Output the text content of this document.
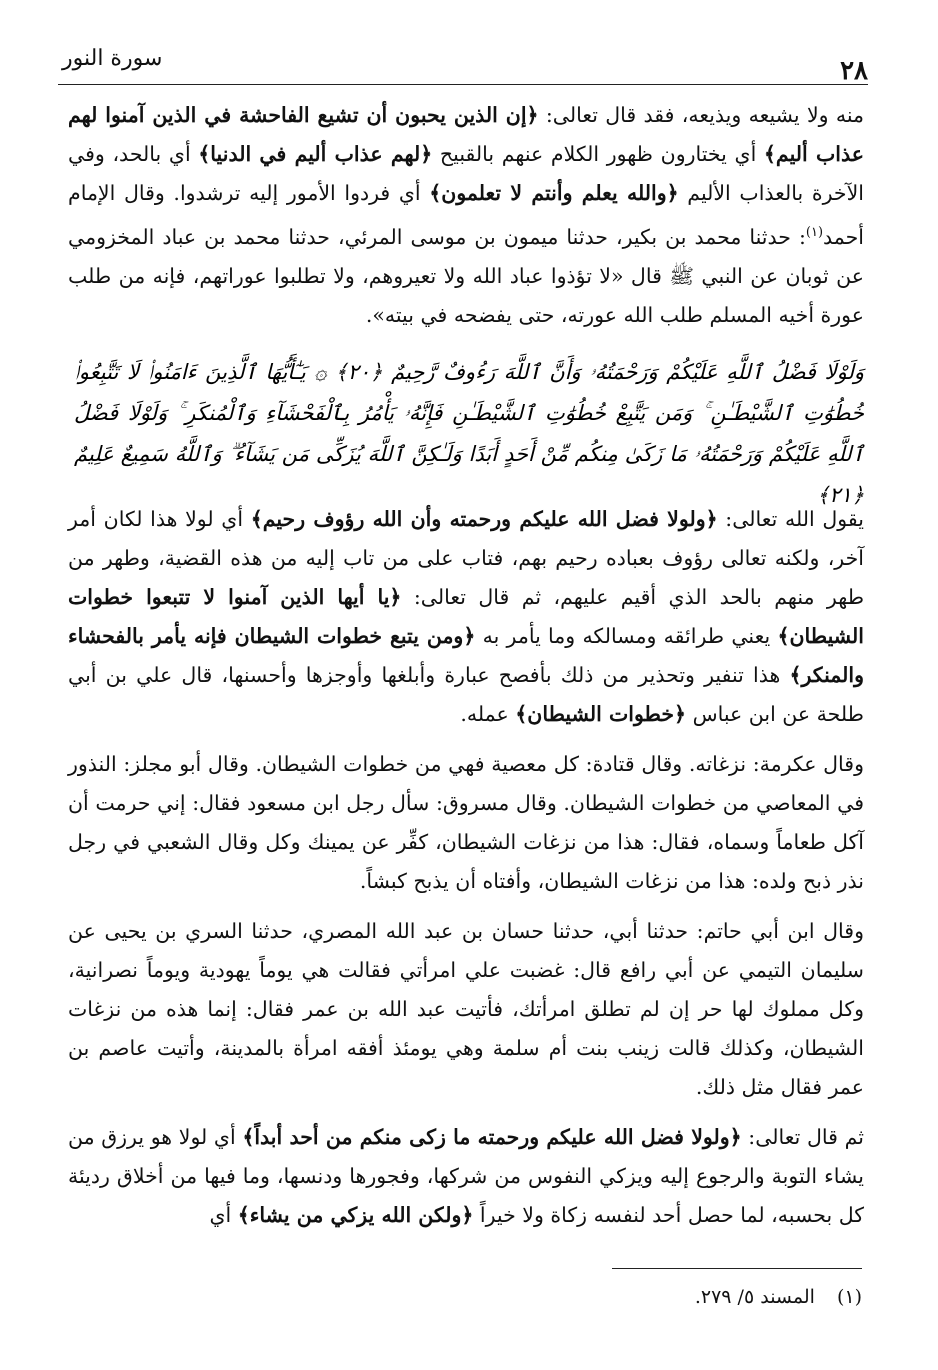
سورة النور	٢٨

منه ولا يشيعه ويذيعه، فقد قال تعالى: ﴿إن الذين يحبون أن تشيع الفاحشة في الذين آمنوا لهم عذاب أليم﴾ أي يختارون ظهور الكلام عنهم بالقبيح ﴿لهم عذاب أليم في الدنيا﴾ أي بالحد، وفي الآخرة بالعذاب الأليم ﴿والله يعلم وأنتم لا تعلمون﴾ أي فردوا الأمور إليه ترشدوا. وقال الإمام أحمد$^{(١)}$: حدثنا محمد بن بكير، حدثنا ميمون بن موسى المرئي، حدثنا محمد بن عباد المخزومي عن ثوبان عن النبي ﷺ قال «لا تؤذوا عباد الله ولا تعيروهم، ولا تطلبوا عوراتهم، فإنه من طلب عورة أخيه المسلم طلب الله عورته، حتى يفضحه في بيته».

وَلَوْلَا فَضْلُ ٱللَّهِ عَلَيْكُمْ وَرَحْمَتُهُۥ وَأَنَّ ٱللَّهَ رَءُوفٌ رَّحِيمٌ ﴿٢٠﴾ ۞ يَـٰٓأَيُّهَا ٱلَّذِينَ ءَامَنُوا۟ لَا تَتَّبِعُوا۟ خُطُوَٰتِ ٱلشَّيْطَـٰنِ ۚ وَمَن يَتَّبِعْ خُطُوَٰتِ ٱلشَّيْطَـٰنِ فَإِنَّهُۥ يَأْمُرُ بِٱلْفَحْشَآءِ وَٱلْمُنكَرِ ۚ وَلَوْلَا فَضْلُ ٱللَّهِ عَلَيْكُمْ وَرَحْمَتُهُۥ مَا زَكَىٰ مِنكُم مِّنْ أَحَدٍ أَبَدًا وَلَـٰكِنَّ ٱللَّهَ يُزَكِّى مَن يَشَآءُ ۗ وَٱللَّهُ سَمِيعٌ عَلِيمٌ ﴿٢١﴾

يقول الله تعالى: ﴿ولولا فضل الله عليكم ورحمته وأن الله رؤوف رحيم﴾ أي لولا هذا لكان أمر آخر، ولكنه تعالى رؤوف بعباده رحيم بهم، فتاب على من تاب إليه من هذه القضية، وطهر من طهر منهم بالحد الذي أقيم عليهم، ثم قال تعالى: ﴿يا أيها الذين آمنوا لا تتبعوا خطوات الشيطان﴾ يعني طرائقه ومسالكه وما يأمر به ﴿ومن يتبع خطوات الشيطان فإنه يأمر بالفحشاء والمنكر﴾ هذا تنفير وتحذير من ذلك بأفصح عبارة وأبلغها وأوجزها وأحسنها، قال علي بن أبي طلحة عن ابن عباس ﴿خطوات الشيطان﴾ عمله.

وقال عكرمة: نزغاته. وقال قتادة: كل معصية فهي من خطوات الشيطان. وقال أبو مجلز: النذور في المعاصي من خطوات الشيطان. وقال مسروق: سأل رجل ابن مسعود فقال: إني حرمت أن آكل طعاماً وسماه، فقال: هذا من نزغات الشيطان، كفِّر عن يمينك وكل وقال الشعبي في رجل نذر ذبح ولده: هذا من نزغات الشيطان، وأفتاه أن يذبح كبشاً.

وقال ابن أبي حاتم: حدثنا أبي، حدثنا حسان بن عبد الله المصري، حدثنا السري بن يحيى عن سليمان التيمي عن أبي رافع قال: غضبت علي امرأتي فقالت هي يوماً يهودية ويوماً نصرانية، وكل مملوك لها حر إن لم تطلق امرأتك، فأتيت عبد الله بن عمر فقال: إنما هذه من نزغات الشيطان، وكذلك قالت زينب بنت أم سلمة وهي يومئذ أفقه امرأة بالمدينة، وأتيت عاصم بن عمر فقال مثل ذلك.

ثم قال تعالى: ﴿ولولا فضل الله عليكم ورحمته ما زكى منكم من أحد أبداً﴾ أي لولا هو يرزق من يشاء التوبة والرجوع إليه ويزكي النفوس من شركها، وفجورها ودنسها، وما فيها من أخلاق رديئة كل بحسبه، لما حصل أحد لنفسه زكاة ولا خيراً ﴿ولكن الله يزكي من يشاء﴾ أي

(١)المسند ٥/ ٢٧٩.
